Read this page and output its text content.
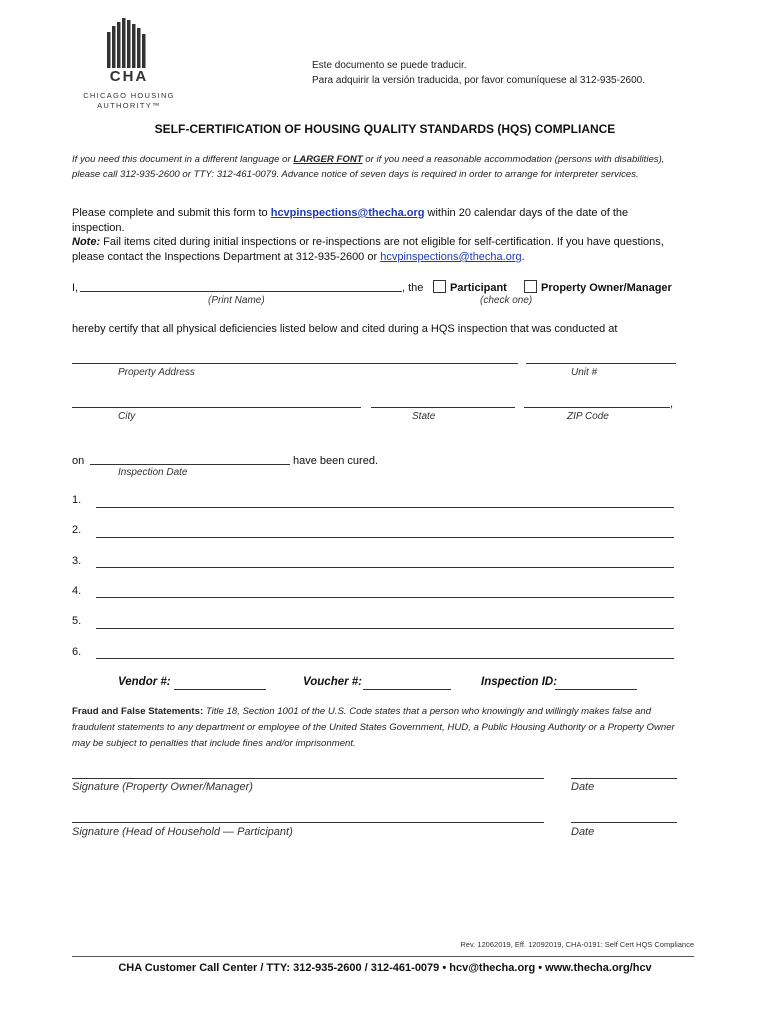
CHA
CHICAGO HOUSING
AUTHORITY™
Este documento se puede traducir.
Para adquirir la versión traducida, por favor comuníquese al 312-935-2600.
SELF-CERTIFICATION OF HOUSING QUALITY STANDARDS (HQS) COMPLIANCE
If you need this document in a different language or LARGER FONT or if you need a reasonable accommodation (persons with disabilities), please call 312-935-2600 or TTY: 312-461-0079. Advance notice of seven days is required in order to arrange for interpreter services.
Please complete and submit this form to hcvpinspections@thecha.org within 20 calendar days of the date of the inspection.
Note: Fail items cited during initial inspections or re-inspections are not eligible for self-certification. If you have questions, please contact the Inspections Department at 312-935-2600 or hcvpinspections@thecha.org.
I,	, the	Participant	Property Owner/Manager
(Print Name)	(check one)
hereby certify that all physical deficiencies listed below and cited during a HQS inspection that was conducted at
Property Address	Unit #
,
City	State	ZIP Code
on	have been cured.
Inspection Date
1.
2.
3.
4.
5.
6.
Vendor #:	Voucher #:	Inspection ID:
Fraud and False Statements: Title 18, Section 1001 of the U.S. Code states that a person who knowingly and willingly makes false and fraudulent statements to any department or employee of the United States Government, HUD, a Public Housing Authority or a Property Owner may be subject to penalties that include fines and/or imprisonment.
Signature (Property Owner/Manager)	Date
Signature (Head of Household — Participant)	Date
Rev. 12062019, Eff. 12092019, CHA-0191: Self Cert HQS Compliance
CHA Customer Call Center / TTY: 312-935-2600 / 312-461-0079 • hcv@thecha.org • www.thecha.org/hcv
